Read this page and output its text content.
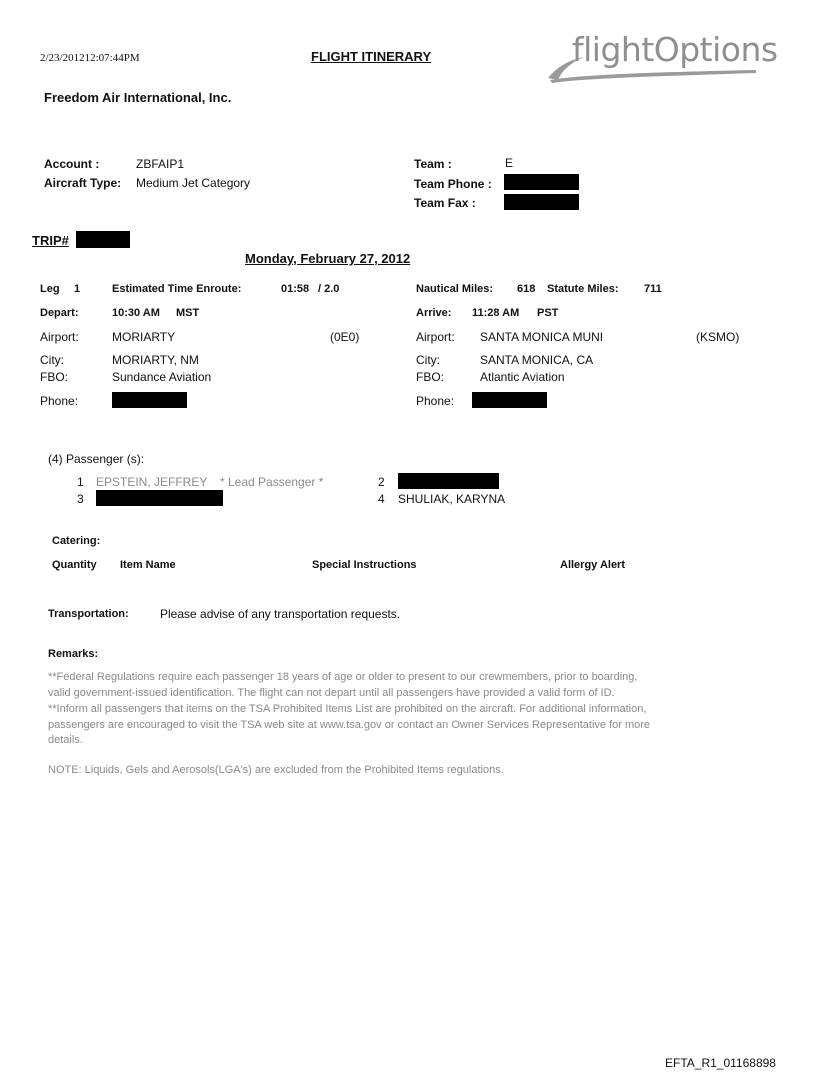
2/23/201212:07:44PM	FLIGHT ITINERARY	flightOptions
Freedom Air International, Inc.
Account :	ZBFAIP1
Aircraft Type: Medium Jet Category
Team :	E
Team Phone :
Team Fax :
TRIP#
Monday, February 27, 2012
Leg 1	Estimated Time Enroute:	01:58 / 2.0	Nautical Miles: 618 Statute Miles: 711
Depart:	10:30 AM MST	Arrive: 11:28 AM PST
Airport:	MORIARTY	(0E0)	Airport: SANTA MONICA MUNI	(KSMO)
City:	MORIARTY, NM	City:	SANTA MONICA, CA
FBO:	Sundance Aviation	FBO:	Atlantic Aviation
Phone:	Phone:
(4) Passenger (s):
1 EPSTEIN, JEFFREY * Lead Passenger *	2
3	4 SHULIAK, KARYNA
Catering:
Quantity Item Name	Special Instructions	Allergy Alert
Transportation:	Please advise of any transportation requests.
Remarks:
**Federal Regulations require each passenger 18 years of age or older to present to our crewmembers, prior to boarding,
valid government-issued identification. The flight can not depart until all passengers have provided a valid form of ID.
**Inform all passengers that items on the TSA Prohibited Items List are prohibited on the aircraft. For additional information,
passengers are encouraged to visit the TSA web site at www.tsa.gov or contact an Owner Services Representative for more
details.
NOTE: Liquids, Gels and Aerosols(LGA's) are excluded from the Prohibited Items regulations.
EFTA_R1_01168898
